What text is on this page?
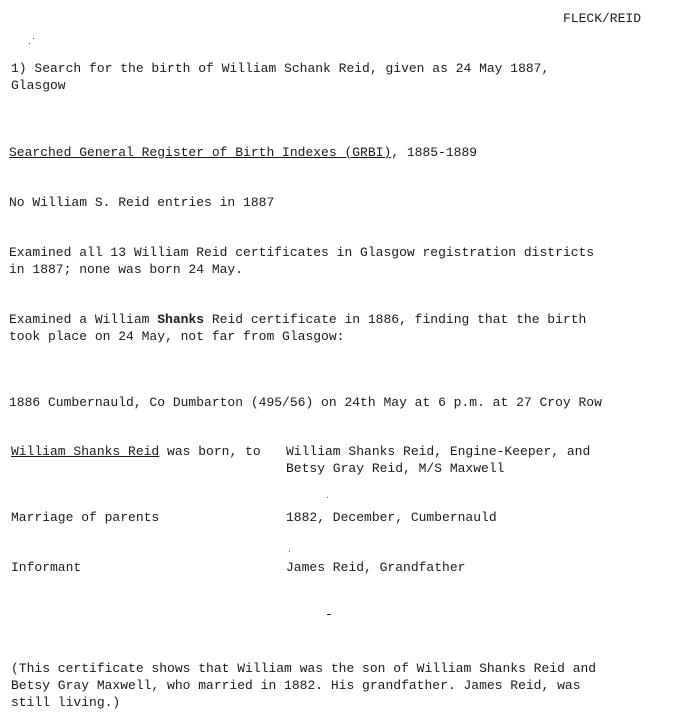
FLECK/REID
1) Search for the birth of William Schank Reid, given as 24 May 1887,
Glasgow
Searched General Register of Birth Indexes (GRBI), 1885-1889
No William S. Reid entries in 1887
Examined all 13 William Reid certificates in Glasgow registration districts
in 1887; none was born 24 May.
Examined a William Shanks Reid certificate in 1886, finding that the birth
took place on 24 May, not far from Glasgow:
1886 Cumbernauld, Co Dumbarton (495/56) on 24th May at 6 p.m. at 27 Croy Row
William Shanks Reid was born, to William Shanks Reid, Engine-Keeper, and
Betsy Gray Reid, M/S Maxwell
Marriage of parents	1882, December, Cumbernauld
Informant	James Reid, Grandfather
-
(This certificate shows that William was the son of William Shanks Reid and
Betsy Gray Maxwell, who married in 1882. His grandfather. James Reid, was
still living.)
